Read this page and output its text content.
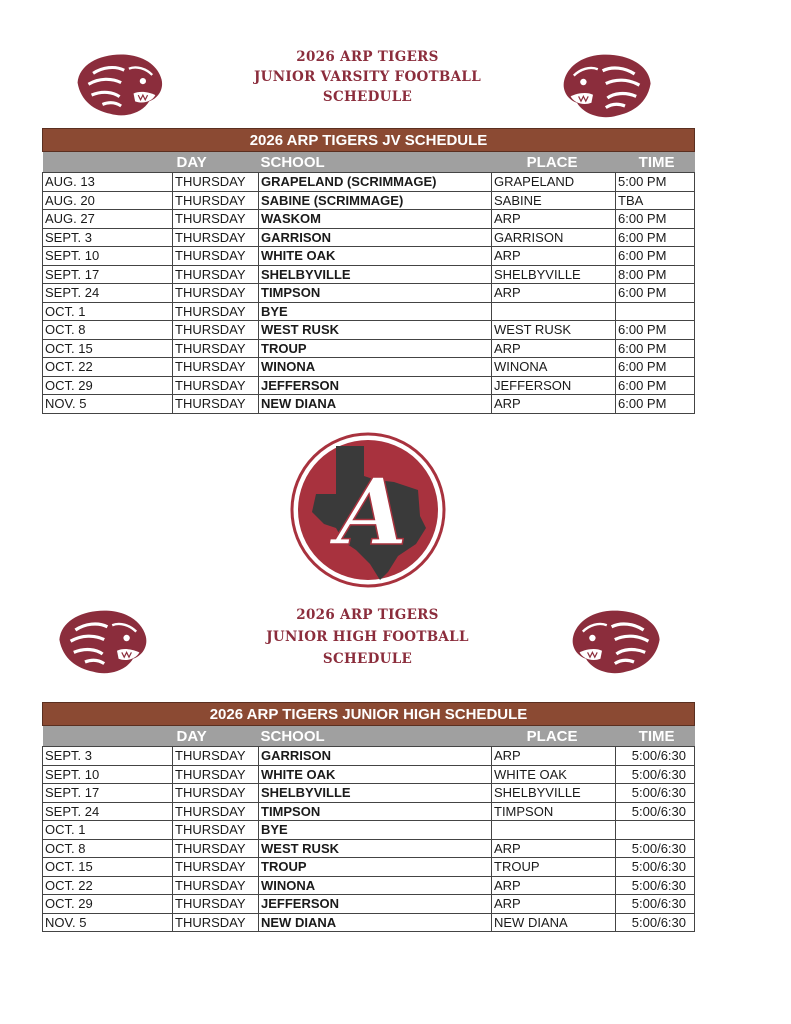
2026 ARP TIGERS
JUNIOR VARSITY FOOTBALL
SCHEDULE
2026 ARP TIGERS JV SCHEDULE				
	DAY	SCHOOL	PLACE	TIME
AUG. 13	THURSDAY	GRAPELAND (SCRIMMAGE)	GRAPELAND	5:00 PM
AUG. 20	THURSDAY	SABINE (SCRIMMAGE)	SABINE	TBA
AUG. 27	THURSDAY	WASKOM	ARP	6:00 PM
SEPT. 3	THURSDAY	GARRISON	GARRISON	6:00 PM
SEPT. 10	THURSDAY	WHITE OAK	ARP	6:00 PM
SEPT. 17	THURSDAY	SHELBYVILLE	SHELBYVILLE	8:00 PM
SEPT. 24	THURSDAY	TIMPSON	ARP	6:00 PM
OCT. 1	THURSDAY	BYE		
OCT. 8	THURSDAY	WEST RUSK	WEST RUSK	6:00 PM
OCT. 15	THURSDAY	TROUP	ARP	6:00 PM
OCT. 22	THURSDAY	WINONA	WINONA	6:00 PM
OCT. 29	THURSDAY	JEFFERSON	JEFFERSON	6:00 PM
NOV. 5	THURSDAY	NEW DIANA	ARP	6:00 PM
A
2026 ARP TIGERS
JUNIOR HIGH FOOTBALL
SCHEDULE
2026 ARP TIGERS JUNIOR HIGH SCHEDULE				
	DAY	SCHOOL	PLACE	TIME
SEPT. 3	THURSDAY	GARRISON	ARP	5:00/6:30
SEPT. 10	THURSDAY	WHITE OAK	WHITE OAK	5:00/6:30
SEPT. 17	THURSDAY	SHELBYVILLE	SHELBYVILLE	5:00/6:30
SEPT. 24	THURSDAY	TIMPSON	TIMPSON	5:00/6:30
OCT. 1	THURSDAY	BYE		
OCT. 8	THURSDAY	WEST RUSK	ARP	5:00/6:30
OCT. 15	THURSDAY	TROUP	TROUP	5:00/6:30
OCT. 22	THURSDAY	WINONA	ARP	5:00/6:30
OCT. 29	THURSDAY	JEFFERSON	ARP	5:00/6:30
NOV. 5	THURSDAY	NEW DIANA	NEW DIANA	5:00/6:30
